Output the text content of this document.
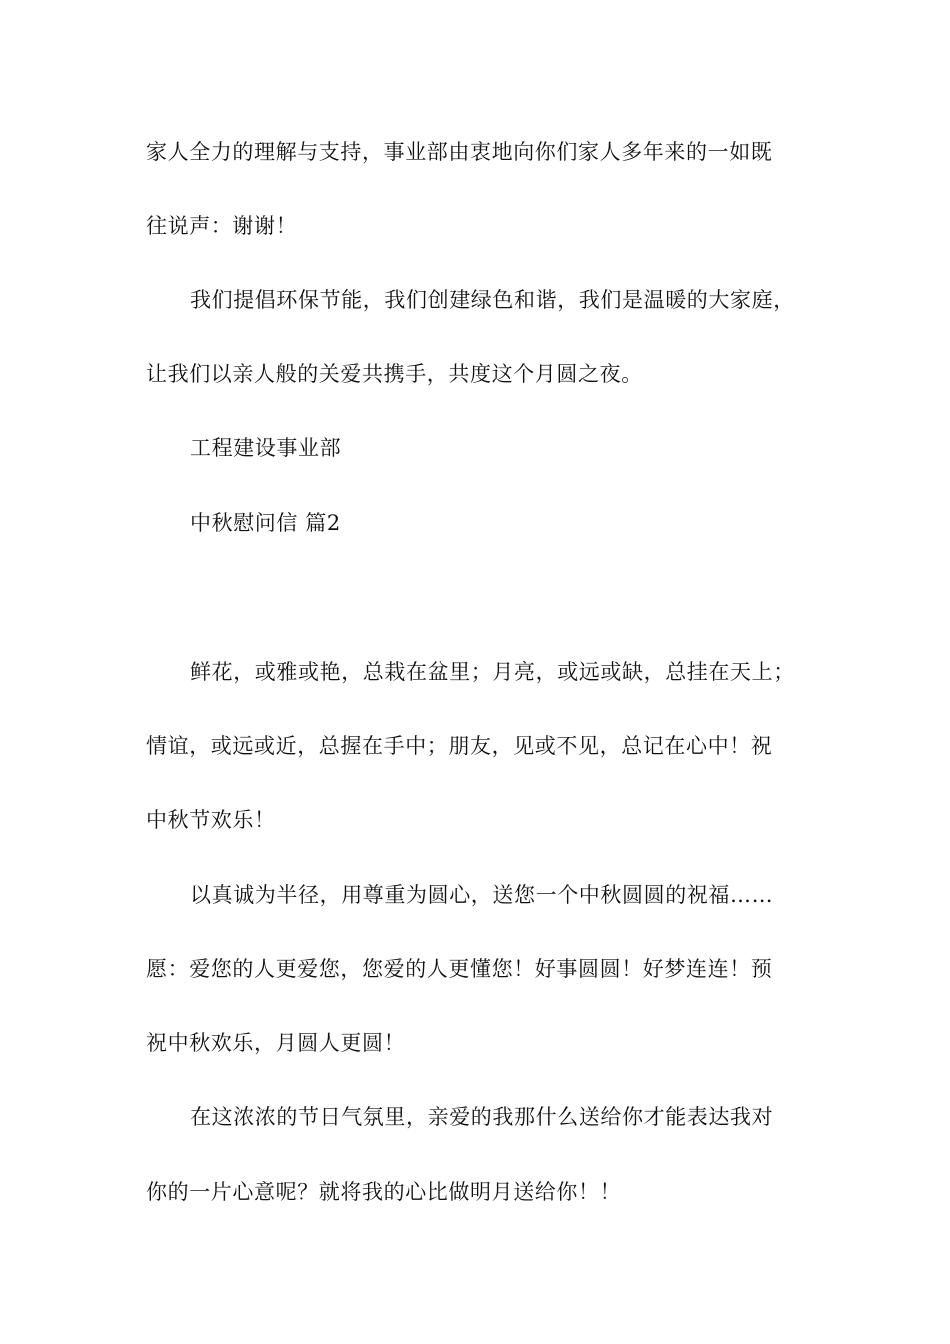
家人全力的理解与支持，事业部由衷地向你们家人多年来的一如既
往说声：谢谢！
我们提倡环保节能，我们创建绿色和谐，我们是温暖的大家庭，
让我们以亲人般的关爱共携手，共度这个月圆之夜。
工程建设事业部
中秋慰问信 篇2
鲜花，或雅或艳，总栽在盆里；月亮，或远或缺，总挂在天上；
情谊，或远或近，总握在手中；朋友，见或不见，总记在心中！祝
中秋节欢乐！
以真诚为半径，用尊重为圆心，送您一个中秋圆圆的祝福……
愿：爱您的人更爱您，您爱的人更懂您！好事圆圆！好梦连连！预
祝中秋欢乐，月圆人更圆！
在这浓浓的节日气氛里，亲爱的我那什么送给你才能表达我对
你的一片心意呢？就将我的心比做明月送给你！！
